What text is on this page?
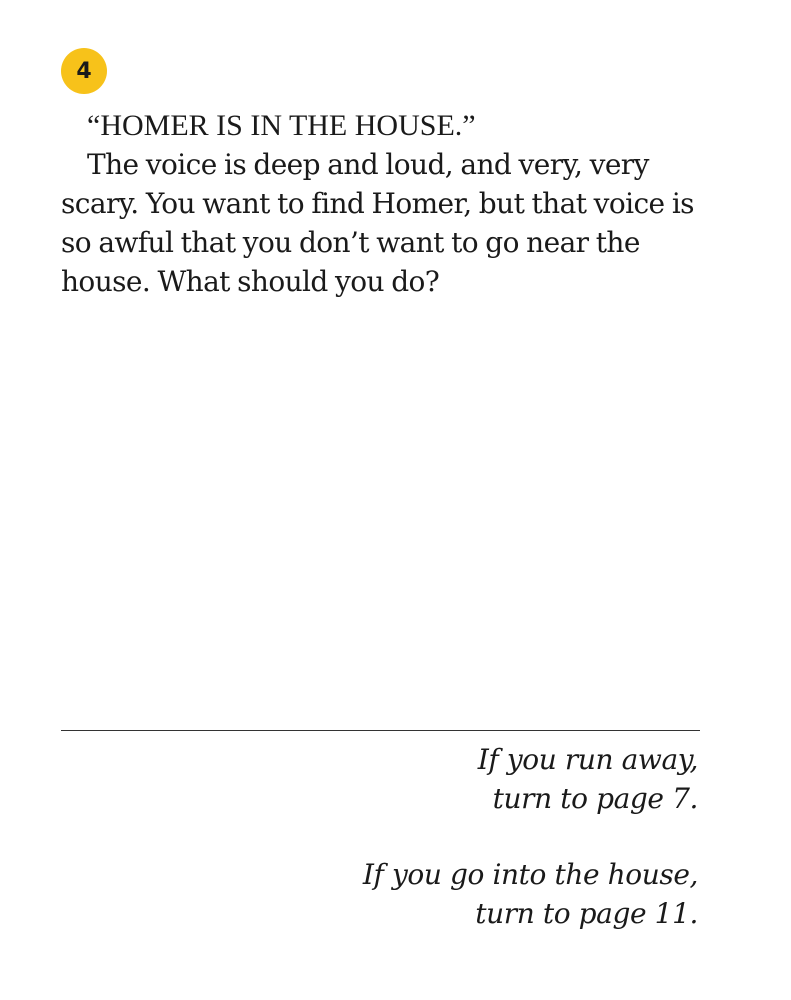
4

“HOMER IS IN THE HOUSE.”

The voice is deep and loud, and very, very scary. You want to find Homer, but that voice is so awful that you don’t want to go near the house. What should you do?

If you run away,
turn to page 7.
If you go into the house,
turn to page 11.
